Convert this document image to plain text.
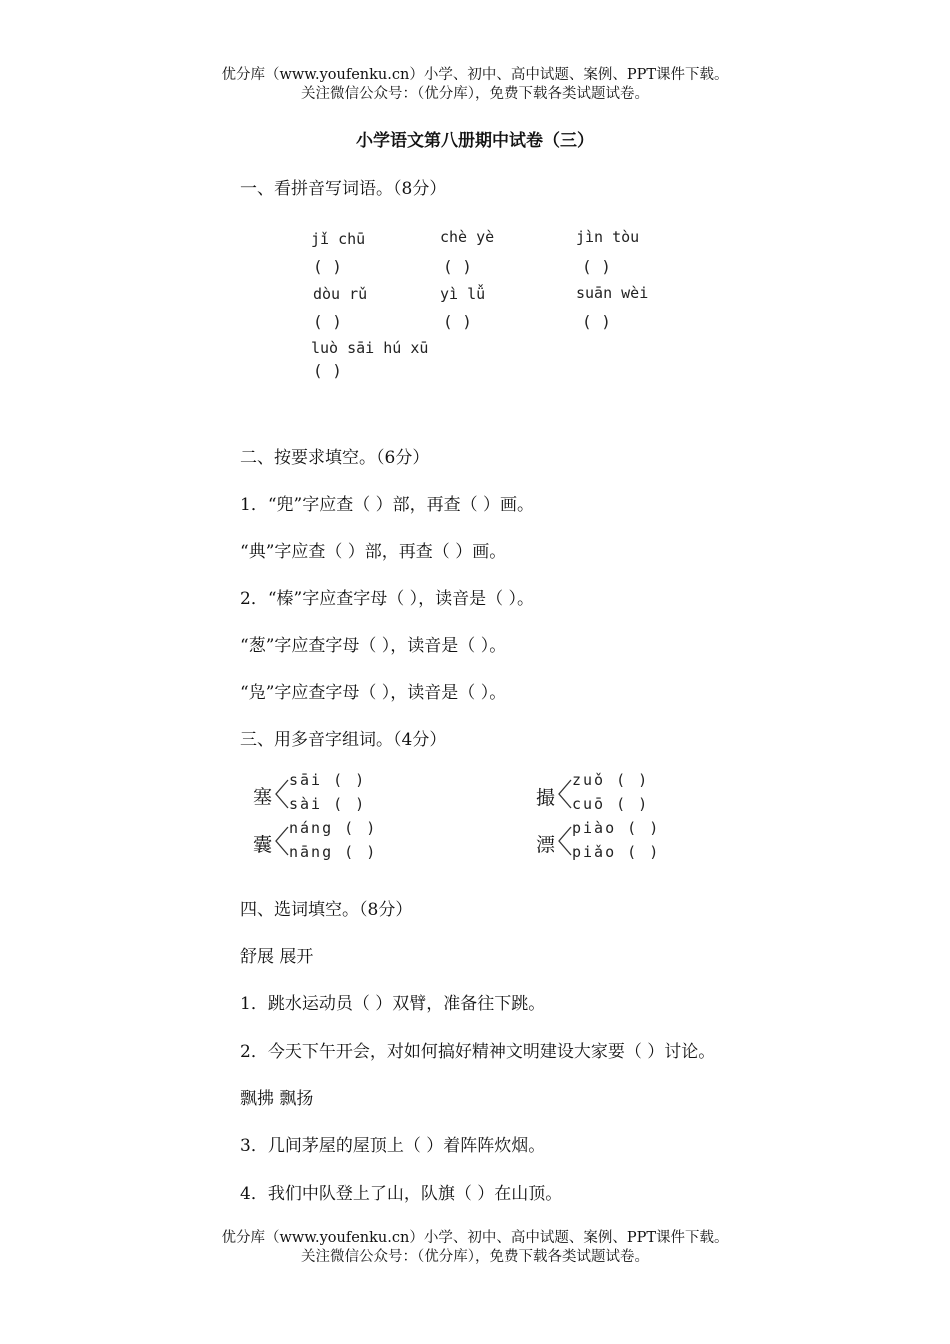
优分库（www.youfenku.cn）小学、初中、高中试题、案例、PPT课件下载。
关注微信公众号：（优分库），免费下载各类试题试卷。
小学语文第八册期中试卷（三）
一、看拼音写词语。（8分）
jǐ chū
( )
chè yè
( )
jìn tòu
( )
dòu rǔ
( )
yì lǚ
( )
suān wèi
( )
luò sāi hú xū
( )
二、按要求填空。（6分）
1．“兜”字应查（ ）部，再查（ ）画。
“典”字应查（ ）部，再查（ ）画。
2．“榛”字应查字母（ ），读音是（ ）。
“葱”字应查字母（ ），读音是（ ）。
“凫”字应查字母（ ），读音是（ ）。
三、用多音字组词。（4分）
塞
sāi ( )
sài ( )
囊
náng ( )
nāng ( )
撮
zuǒ ( )
cuō ( )
漂
piào ( )
piǎo ( )
四、选词填空。（8分）
舒展 展开
1．跳水运动员（ ）双臂，准备往下跳。
2．今天下午开会，对如何搞好精神文明建设大家要（ ）讨论。
飘拂 飘扬
3．几间茅屋的屋顶上（ ）着阵阵炊烟。
4．我们中队登上了山，队旗（ ）在山顶。
优分库（www.youfenku.cn）小学、初中、高中试题、案例、PPT课件下载。
关注微信公众号：（优分库），免费下载各类试题试卷。
